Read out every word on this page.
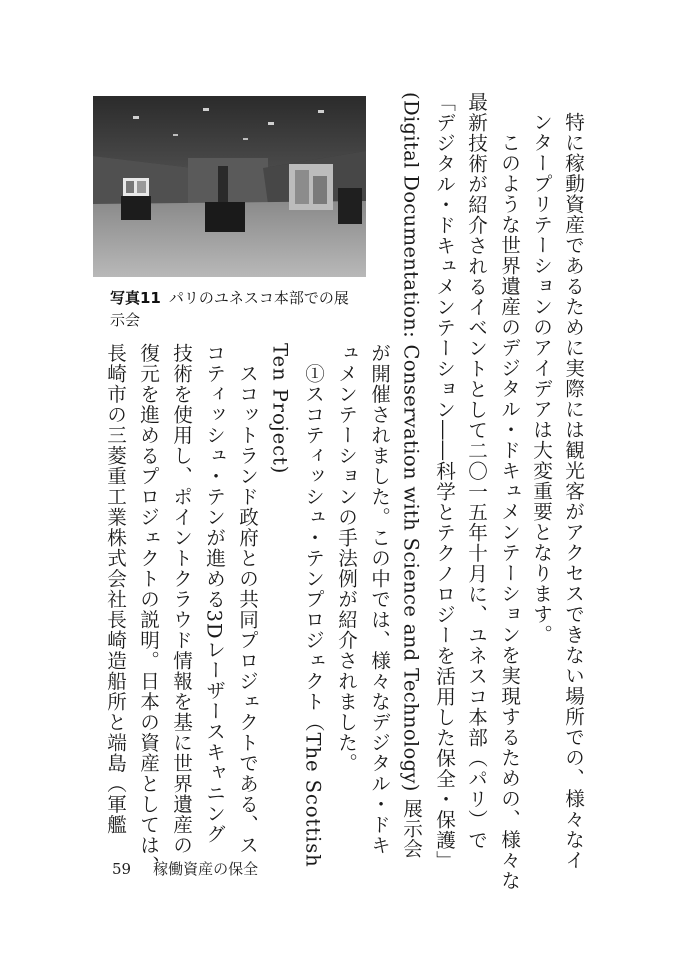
写真11 パリのユネスコ本部での展示会	特に稼動資産であるために実際には観光客がアクセスできない場所での、様々なイ
ンタープリテーションのアイデアは大変重要となります。
　このような世界遺産のデジタル・ドキュメンテーションを実現するための、様々な
最新技術が紹介されるイベントとして二〇一五年十月に、ユネスコ本部（パリ）で
「デジタル・ドキュメンテーション――科学とテクノロジーを活用した保全・保護」
(Digital Documentation: Conservation with Science and Technology) 展示会
が開催されました。この中では、様々なデジタル・ドキ
ュメンテーションの手法例が紹介されました。
　①スコティッシュ・テンプロジェクト（The Scottish
Ten Project)
　スコットランド政府との共同プロジェクトである、ス
コティッシュ・テンが進める3Dレーザースキャニング
技術を使用し、ポイントクラウド情報を基に世界遺産の
復元を進めるプロジェクトの説明。日本の資産としては、
長崎市の三菱重工業株式会社長崎造船所と端島（軍艦
59 稼働資産の保全
